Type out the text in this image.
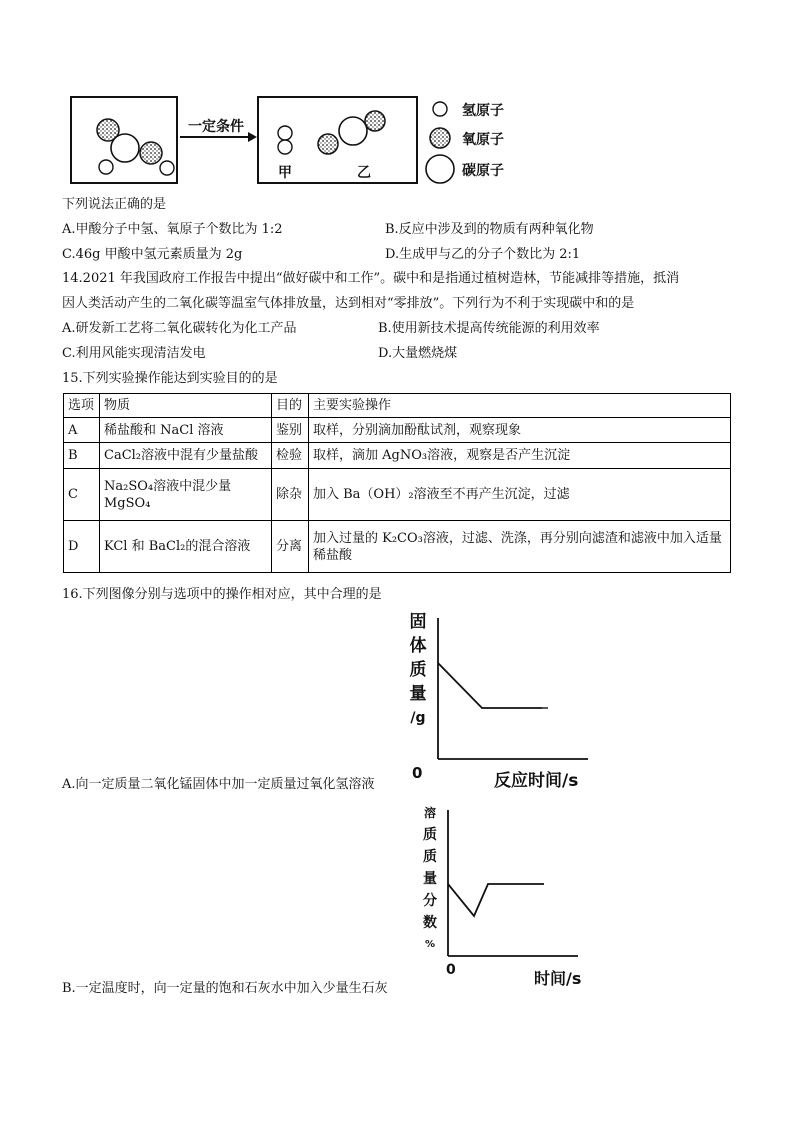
一定条件
甲	乙
氢原子
氧原子
碳原子
下列说法正确的是
A.甲酸分子中氢、氧原子个数比为 1:2	B.反应中涉及到的物质有两种氧化物
C.46g 甲酸中氢元素质量为 2g	D.生成甲与乙的分子个数比为 2:1
14.2021 年我国政府工作报告中提出“做好碳中和工作”。碳中和是指通过植树造林，节能减排等措施，抵消
因人类活动产生的二氧化碳等温室气体排放量，达到相对“零排放”。下列行为不利于实现碳中和的是
A.研发新工艺将二氧化碳转化为化工产品	B.使用新技术提高传统能源的利用效率
C.利用风能实现清洁发电	D.大量燃烧煤
15.下列实验操作能达到实验目的的是
选项	物质	目的	主要实验操作
A	稀盐酸和 NaCl 溶液	鉴别	取样，分别滴加酚酞试剂，观察现象
B	CaCl₂溶液中混有少量盐酸	检验	取样，滴加 AgNO₃溶液，观察是否产生沉淀
C	Na₂SO₄溶液中混少量 MgSO₄	除杂	加入 Ba（OH）₂溶液至不再产生沉淀，过滤
D	KCl 和 BaCl₂的混合溶液	分离	加入过量的 K₂CO₃溶液，过滤、洗涤，再分别向滤渣和滤液中加入适量稀盐酸
16.下列图像分别与选项中的操作相对应，其中合理的是
固
体
质
量
/g
0	反应时间/s
A.向一定质量二氧化锰固体中加一定质量过氧化氢溶液
溶
质
质
量
分
数
%
0	时间/s
B.一定温度时，向一定量的饱和石灰水中加入少量生石灰
